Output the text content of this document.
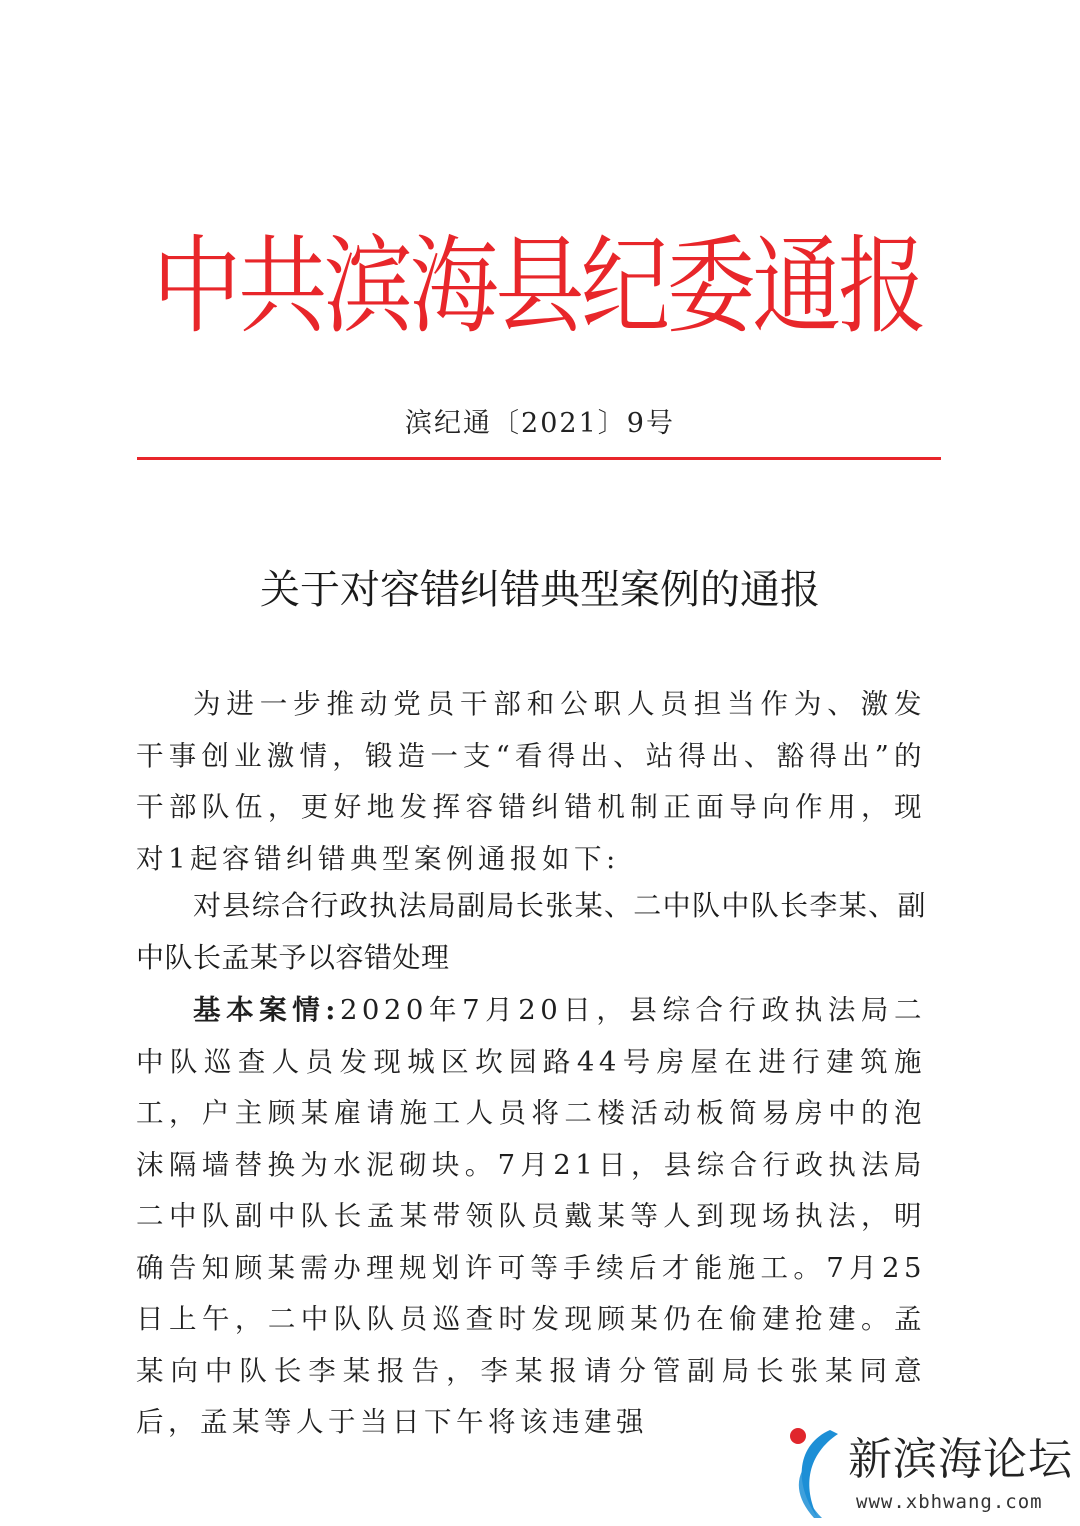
中共滨海县纪委通报
滨纪通〔2021〕9号
关于对容错纠错典型案例的通报

为进一步推动党员干部和公职人员担当作为、激发干事创业激情，锻造一支“看得出、站得出、豁得出”的干部队伍，更好地发挥容错纠错机制正面导向作用，现对1起容错纠错典型案例通报如下:

对县综合行政执法局副局长张某、二中队中队长李某、副中队长孟某予以容错处理

基本案情:2020年7月20日，县综合行政执法局二中队巡查人员发现城区坎园路44号房屋在进行建筑施工，户主顾某雇请施工人员将二楼活动板简易房中的泡沫隔墙替换为水泥砌块。7月21日，县综合行政执法局二中队副中队长孟某带领队员戴某等人到现场执法，明确告知顾某需办理规划许可等手续后才能施工。7月25日上午，二中队队员巡查时发现顾某仍在偷建抢建。孟某向中队长李某报告，李某报请分管副局长张某同意后，孟某等人于当日下午将该违建强

新滨海论坛
www.xbhwang.com
